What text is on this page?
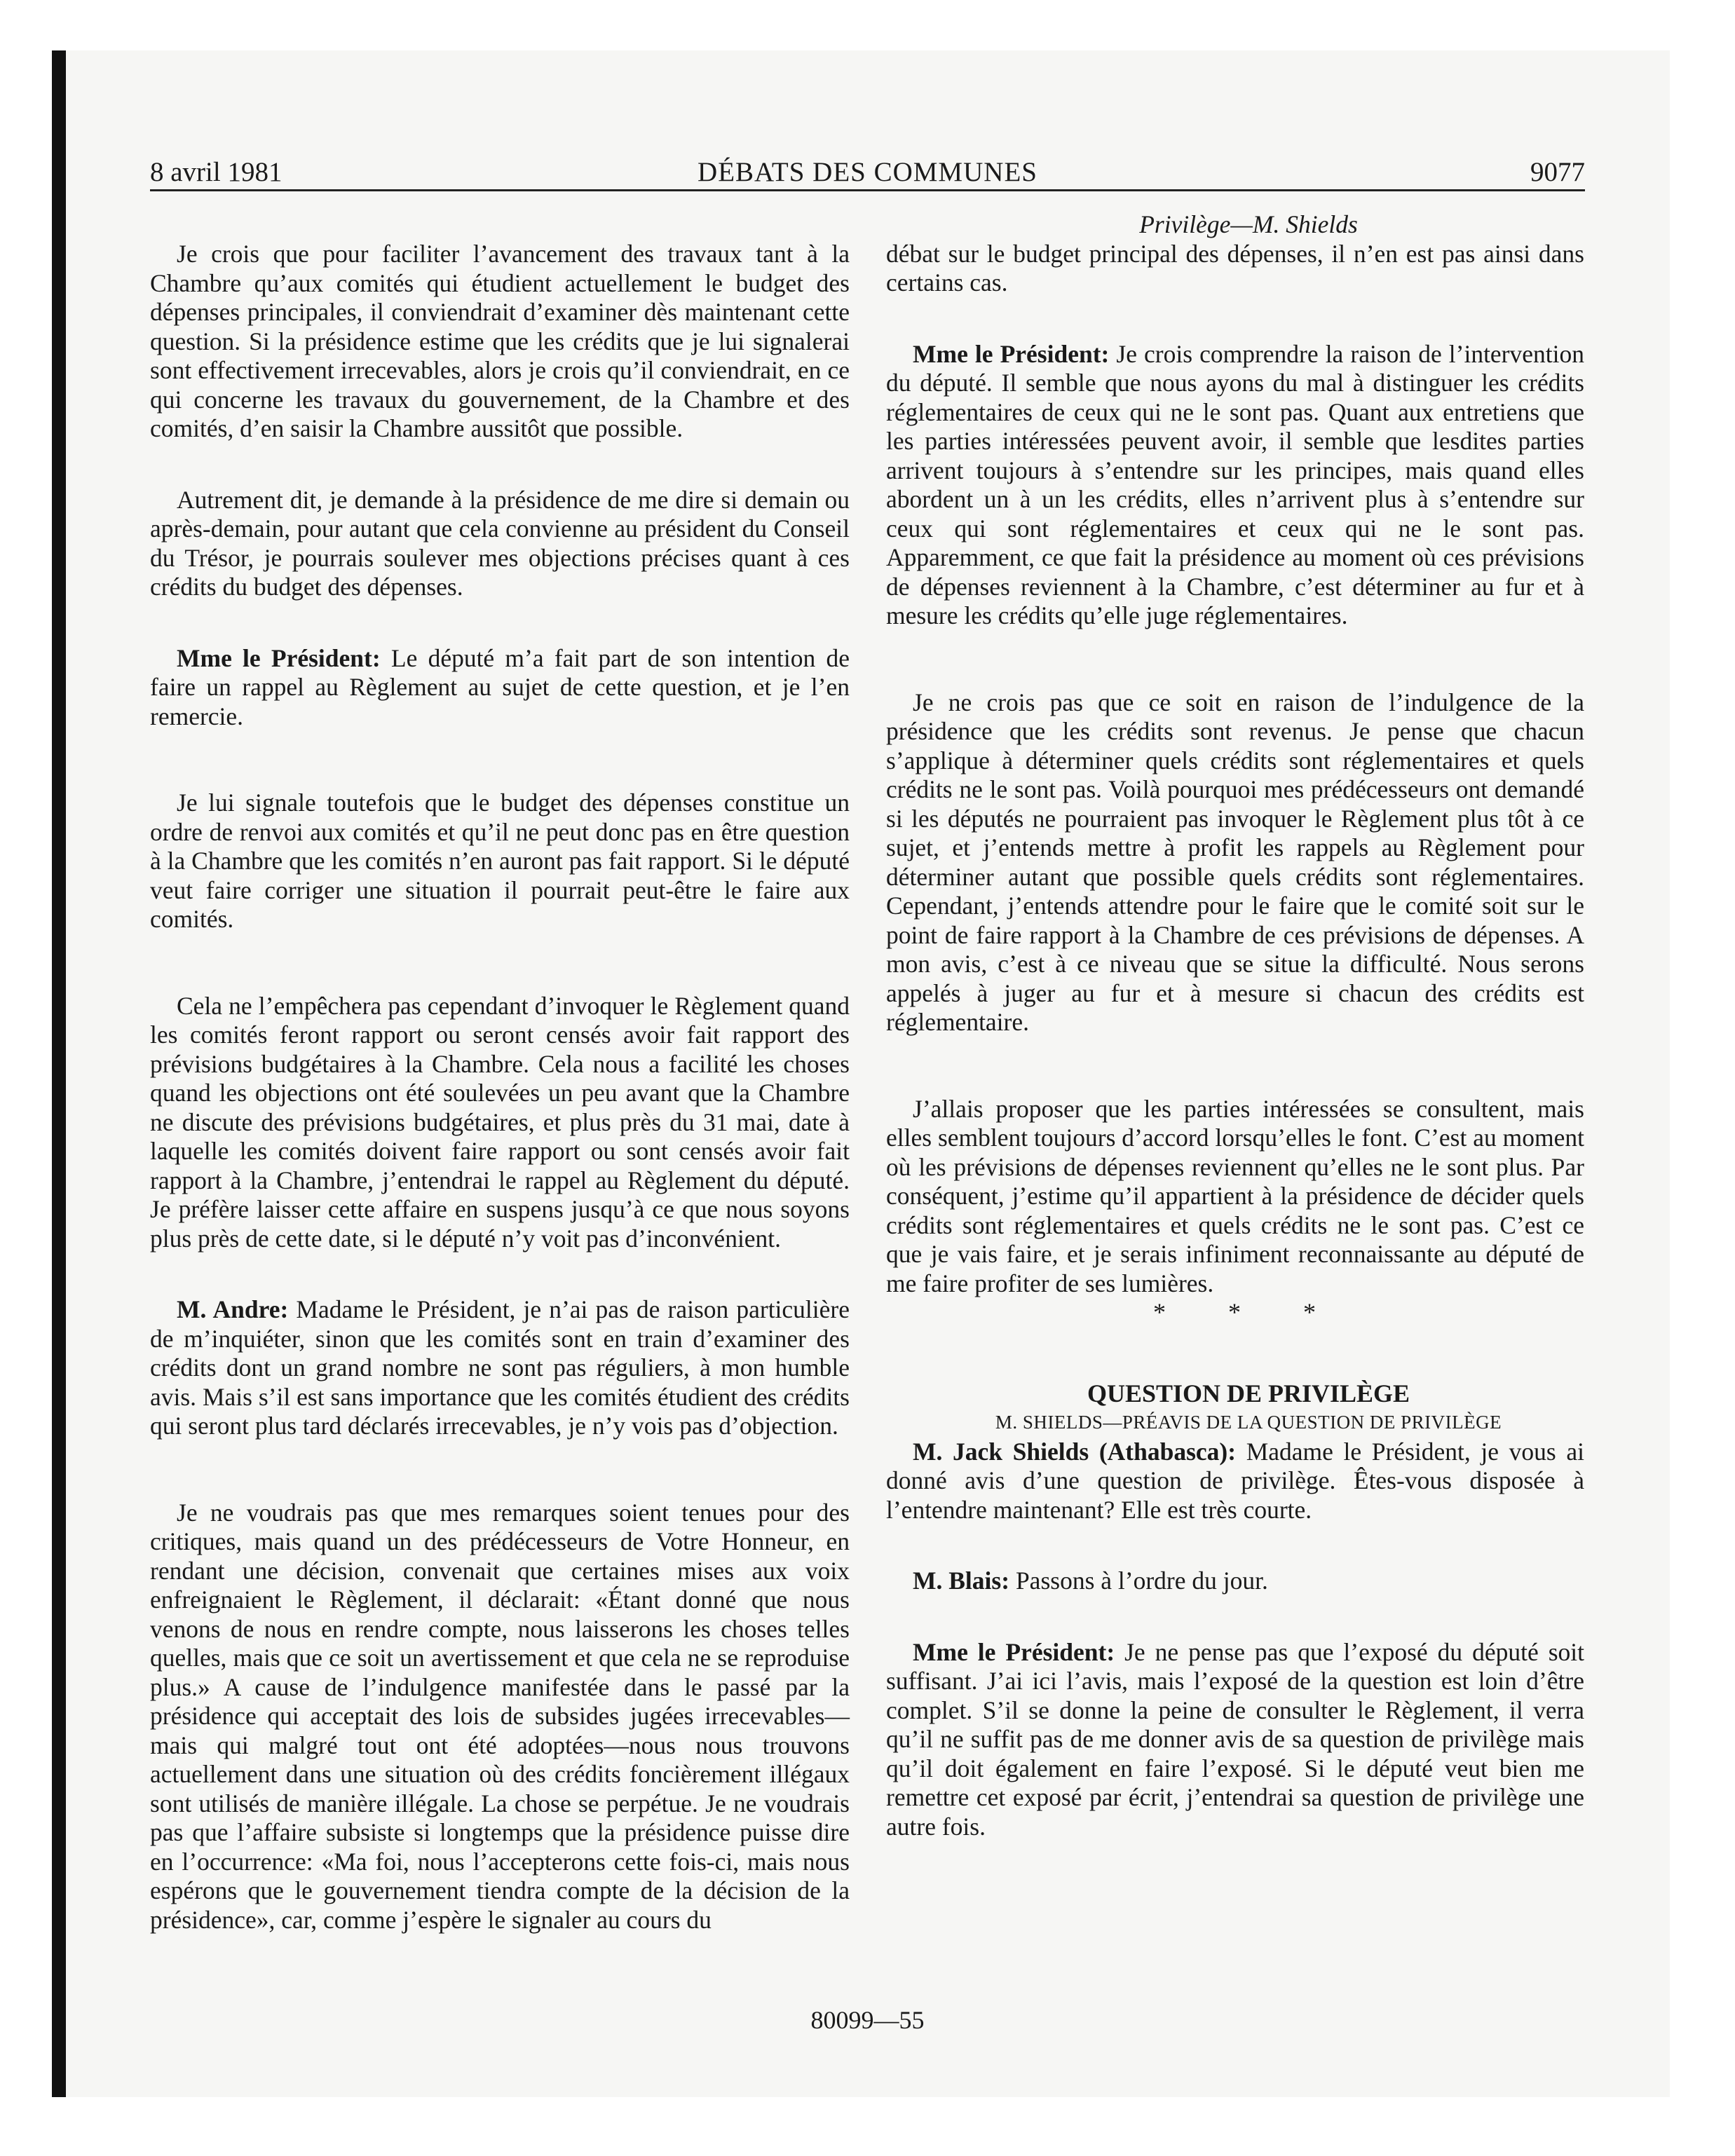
8 avril 1981	DÉBATS DES COMMUNES	9077

Je crois que pour faciliter l’avancement des travaux tant à la Chambre qu’aux comités qui étudient actuellement le budget des dépenses principales, il conviendrait d’examiner dès maintenant cette question. Si la présidence estime que les crédits que je lui signalerai sont effectivement irrecevables, alors je crois qu’il conviendrait, en ce qui concerne les travaux du gouvernement, de la Chambre et des comités, d’en saisir la Chambre aussitôt que possible.

Autrement dit, je demande à la présidence de me dire si demain ou après-demain, pour autant que cela convienne au président du Conseil du Trésor, je pourrais soulever mes objections précises quant à ces crédits du budget des dépenses.

Mme le Président: Le député m’a fait part de son intention de faire un rappel au Règlement au sujet de cette question, et je l’en remercie.

Je lui signale toutefois que le budget des dépenses constitue un ordre de renvoi aux comités et qu’il ne peut donc pas en être question à la Chambre que les comités n’en auront pas fait rapport. Si le député veut faire corriger une situation il pourrait peut-être le faire aux comités.

Cela ne l’empêchera pas cependant d’invoquer le Règlement quand les comités feront rapport ou seront censés avoir fait rapport des prévisions budgétaires à la Chambre. Cela nous a facilité les choses quand les objections ont été soulevées un peu avant que la Chambre ne discute des prévisions budgétaires, et plus près du 31 mai, date à laquelle les comités doivent faire rapport ou sont censés avoir fait rapport à la Chambre, j’entendrai le rappel au Règlement du député. Je préfère laisser cette affaire en suspens jusqu’à ce que nous soyons plus près de cette date, si le député n’y voit pas d’inconvénient.

M. Andre: Madame le Président, je n’ai pas de raison particulière de m’inquiéter, sinon que les comités sont en train d’examiner des crédits dont un grand nombre ne sont pas réguliers, à mon humble avis. Mais s’il est sans importance que les comités étudient des crédits qui seront plus tard déclarés irrecevables, je n’y vois pas d’objection.

Je ne voudrais pas que mes remarques soient tenues pour des critiques, mais quand un des prédécesseurs de Votre Honneur, en rendant une décision, convenait que certaines mises aux voix enfreignaient le Règlement, il déclarait: «Étant donné que nous venons de nous en rendre compte, nous laisserons les choses telles quelles, mais que ce soit un avertissement et que cela ne se reproduise plus.» A cause de l’indulgence manifestée dans le passé par la présidence qui acceptait des lois de subsides jugées irrecevables—mais qui malgré tout ont été adoptées—nous nous trouvons actuellement dans une situation où des crédits foncièrement illégaux sont utilisés de manière illégale. La chose se perpétue. Je ne voudrais pas que l’affaire subsiste si longtemps que la présidence puisse dire en l’occurrence: «Ma foi, nous l’accepterons cette fois-ci, mais nous espérons que le gouvernement tiendra compte de la décision de la présidence», car, comme j’espère le signaler au cours du

Privilège—M. Shields

débat sur le budget principal des dépenses, il n’en est pas ainsi dans certains cas.

Mme le Président: Je crois comprendre la raison de l’intervention du député. Il semble que nous ayons du mal à distinguer les crédits réglementaires de ceux qui ne le sont pas. Quant aux entretiens que les parties intéressées peuvent avoir, il semble que lesdites parties arrivent toujours à s’entendre sur les principes, mais quand elles abordent un à un les crédits, elles n’arrivent plus à s’entendre sur ceux qui sont réglementaires et ceux qui ne le sont pas. Apparemment, ce que fait la présidence au moment où ces prévisions de dépenses reviennent à la Chambre, c’est déterminer au fur et à mesure les crédits qu’elle juge réglementaires.

Je ne crois pas que ce soit en raison de l’indulgence de la présidence que les crédits sont revenus. Je pense que chacun s’applique à déterminer quels crédits sont réglementaires et quels crédits ne le sont pas. Voilà pourquoi mes prédécesseurs ont demandé si les députés ne pourraient pas invoquer le Règlement plus tôt à ce sujet, et j’entends mettre à profit les rappels au Règlement pour déterminer autant que possible quels crédits sont réglementaires. Cependant, j’entends attendre pour le faire que le comité soit sur le point de faire rapport à la Chambre de ces prévisions de dépenses. A mon avis, c’est à ce niveau que se situe la difficulté. Nous serons appelés à juger au fur et à mesure si chacun des crédits est réglementaire.

J’allais proposer que les parties intéressées se consultent, mais elles semblent toujours d’accord lorsqu’elles le font. C’est au moment où les prévisions de dépenses reviennent qu’elles ne le sont plus. Par conséquent, j’estime qu’il appartient à la présidence de décider quels crédits sont réglementaires et quels crédits ne le sont pas. C’est ce que je vais faire, et je serais infiniment reconnaissante au député de me faire profiter de ses lumières.

* * *

QUESTION DE PRIVILÈGE

M. SHIELDS—PRÉAVIS DE LA QUESTION DE PRIVILÈGE

M. Jack Shields (Athabasca): Madame le Président, je vous ai donné avis d’une question de privilège. Êtes-vous disposée à l’entendre maintenant? Elle est très courte.

M. Blais: Passons à l’ordre du jour.

Mme le Président: Je ne pense pas que l’exposé du député soit suffisant. J’ai ici l’avis, mais l’exposé de la question est loin d’être complet. S’il se donne la peine de consulter le Règlement, il verra qu’il ne suffit pas de me donner avis de sa question de privilège mais qu’il doit également en faire l’exposé. Si le député veut bien me remettre cet exposé par écrit, j’entendrai sa question de privilège une autre fois.

80099—55
